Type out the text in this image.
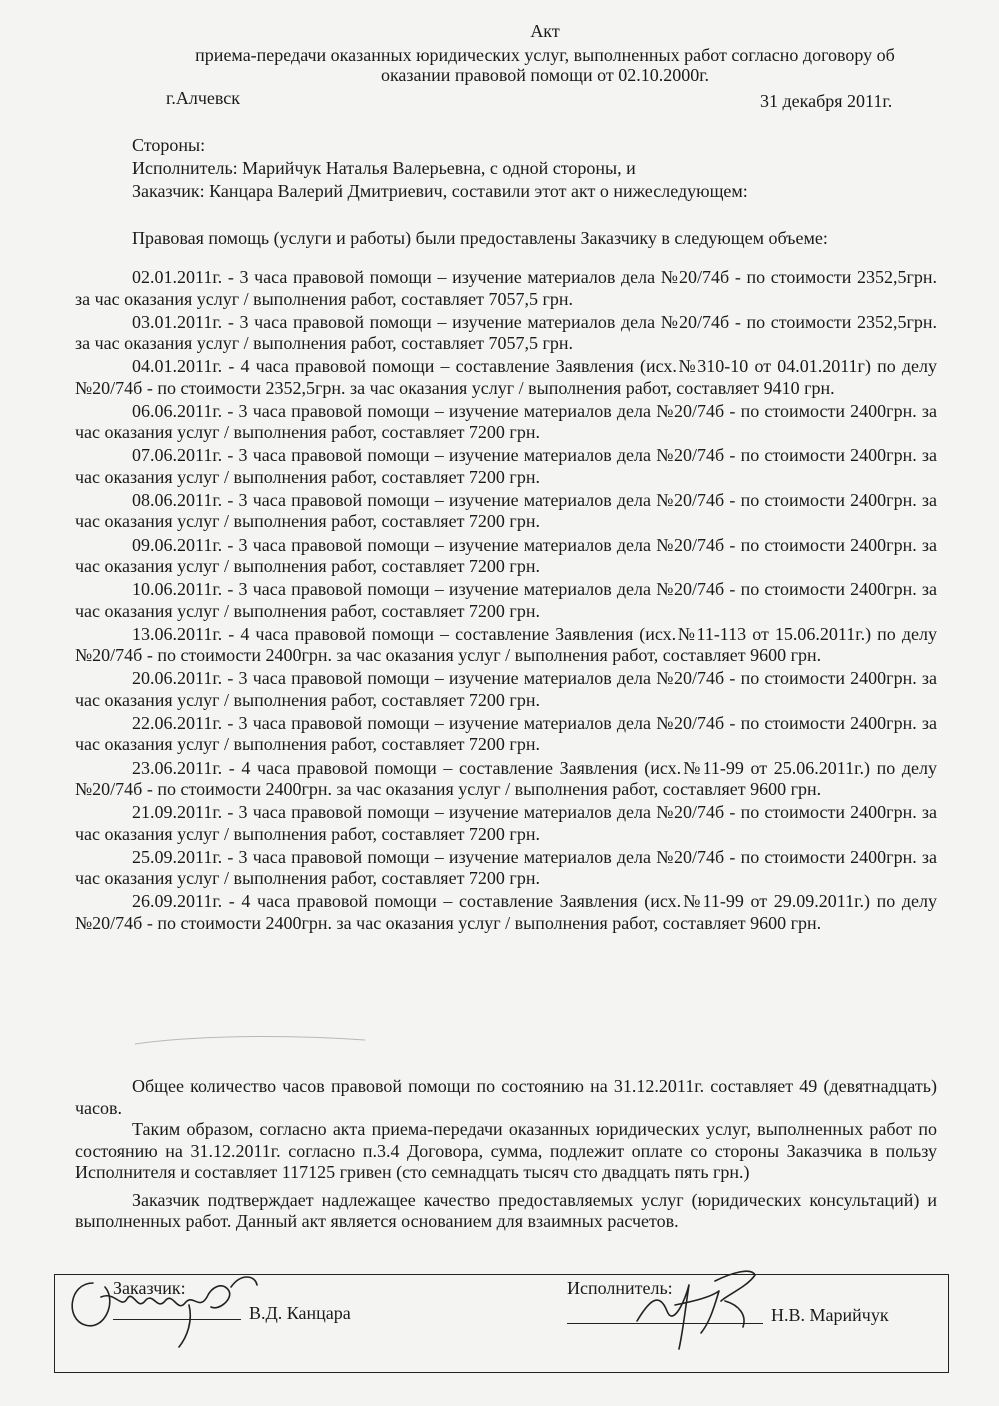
Акт
приема-передачи оказанных юридических услуг, выполненных работ согласно договору об
оказании правовой помощи от 02.10.2000г.
г.Алчевск	31 декабря 2011г.
Стороны:
Исполнитель: Марийчук Наталья Валерьевна, с одной стороны, и
Заказчик: Канцара Валерий Дмитриевич, составили этот акт о нижеследующем:
Правовая помощь (услуги и работы) были предоставлены Заказчику в следующем объеме:

02.01.2011г. - 3 часа правовой помощи – изучение материалов дела №20/74б - по стоимости 2352,5грн. за час оказания услуг / выполнения работ, составляет 7057,5 грн.

03.01.2011г. - 3 часа правовой помощи – изучение материалов дела №20/74б - по стоимости 2352,5грн. за час оказания услуг / выполнения работ, составляет 7057,5 грн.

04.01.2011г. - 4 часа правовой помощи – составление Заявления (исх.№310-10 от 04.01.2011г) по делу №20/74б - по стоимости 2352,5грн. за час оказания услуг / выполнения работ, составляет 9410 грн.

06.06.2011г. - 3 часа правовой помощи – изучение материалов дела №20/74б - по стоимости 2400грн. за час оказания услуг / выполнения работ, составляет 7200 грн.

07.06.2011г. - 3 часа правовой помощи – изучение материалов дела №20/74б - по стоимости 2400грн. за час оказания услуг / выполнения работ, составляет 7200 грн.

08.06.2011г. - 3 часа правовой помощи – изучение материалов дела №20/74б - по стоимости 2400грн. за час оказания услуг / выполнения работ, составляет 7200 грн.

09.06.2011г. - 3 часа правовой помощи – изучение материалов дела №20/74б - по стоимости 2400грн. за час оказания услуг / выполнения работ, составляет 7200 грн.

10.06.2011г. - 3 часа правовой помощи – изучение материалов дела №20/74б - по стоимости 2400грн. за час оказания услуг / выполнения работ, составляет 7200 грн.

13.06.2011г. - 4 часа правовой помощи – составление Заявления (исх.№11-113 от 15.06.2011г.) по делу №20/74б - по стоимости 2400грн. за час оказания услуг / выполнения работ, составляет 9600 грн.

20.06.2011г. - 3 часа правовой помощи – изучение материалов дела №20/74б - по стоимости 2400грн. за час оказания услуг / выполнения работ, составляет 7200 грн.

22.06.2011г. - 3 часа правовой помощи – изучение материалов дела №20/74б - по стоимости 2400грн. за час оказания услуг / выполнения работ, составляет 7200 грн.

23.06.2011г. - 4 часа правовой помощи – составление Заявления (исх.№11-99 от 25.06.2011г.) по делу №20/74б - по стоимости 2400грн. за час оказания услуг / выполнения работ, составляет 9600 грн.

21.09.2011г. - 3 часа правовой помощи – изучение материалов дела №20/74б - по стоимости 2400грн. за час оказания услуг / выполнения работ, составляет 7200 грн.

25.09.2011г. - 3 часа правовой помощи – изучение материалов дела №20/74б - по стоимости 2400грн. за час оказания услуг / выполнения работ, составляет 7200 грн.

26.09.2011г. - 4 часа правовой помощи – составление Заявления (исх.№11-99 от 29.09.2011г.) по делу №20/74б - по стоимости 2400грн. за час оказания услуг / выполнения работ, составляет 9600 грн.

Общее количество часов правовой помощи по состоянию на 31.12.2011г. составляет 49 (девятнадцать) часов.

Таким образом, согласно акта приема-передачи оказанных юридических услуг, выполненных работ по состоянию на 31.12.2011г. согласно п.3.4 Договора, сумма, подлежит оплате со стороны Заказчика в пользу Исполнителя и составляет 117125 гривен (сто семнадцать тысяч сто двадцать пять грн.)

Заказчик подтверждает надлежащее качество предоставляемых услуг (юридических консультаций) и выполненных работ. Данный акт является основанием для взаимных расчетов.

Заказчик:
В.Д. Канцара
Исполнитель:
Н.В. Марийчук
